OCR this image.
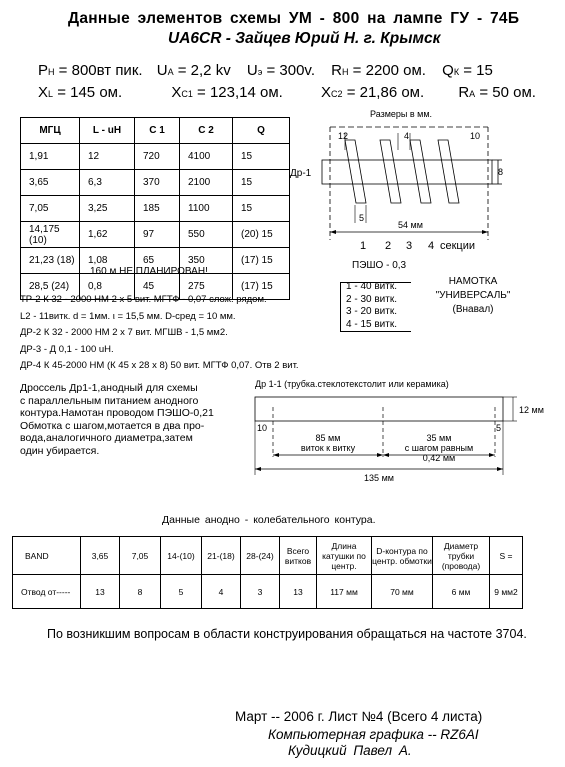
Данные элементов схемы УМ - 800 на лампе ГУ - 74Б
UA6CR - Зайцев Юрий Н. г. Крымск
РН = 800вт пик. UА = 2,2 kv Uэ = 300v. RН = 2200 ом. QК = 15
XL = 145 ом.	XC1 = 123,14 ом.	XC2 = 21,86 ом. RA = 50 ом.
МГЦ	L - uH	C 1	C 2	Q
1,91	12	720	4100	15
3,65	6,3	370	2100	15
7,05	3,25	185	1100	15
14,175 (10)	1,62	97	550	(20) 15
21,23 (18)	1,08	65	350	(17) 15
28,5 (24)	0,8	45	275	(17) 15
160 м НЕ ПЛАНИРОВАН!
Размеры в мм.
Др-1	8
12	4	10
5
54 мм
1 2 3 4 секции
ПЭШО - 0,3
1 - 40 витк.
2 - 30 витк.
3 - 20 витк.
4 - 15 витк.
НАМОТКА
"УНИВЕРСАЛЬ"
(Внавал)
ТР-2 К 32 - 2000 НМ 2 х 5 вит. МГТФ - 0,07 слож. рядом.
L2 - 11витк. d = 1мм. ι = 15,5 мм. D-сред = 10 мм.
ДР-2 К 32 - 2000 НМ 2 х 7 вит. МГШВ - 1,5 мм2.
ДР-3 - Д 0,1 - 100 uH.
ДР-4 К 45-2000 НМ (К 45 х 28 х 8) 50 вит. МГТФ 0,07. Отв 2 вит.
Дроссель Др1-1,анодный для схемы
с параллельным питанием анодного
контура.Намотан проводом ПЭШО-0,21
Обмотка с шагом,мотается в два про-
вода,аналогичного диаметра,затем
один убирается.
Др 1-1 (трубка.стеклотекстолит или керамика)
12 мм
10	5
85 мм
виток к витку
35 мм
с шагом равным
0,42 мм
135 мм
Данные анодно - колебательного контура.
BAND	3,65	7,05	14-(10)	21-(18)	28-(24)	Всего витков	Длина катушки по центр.	D-контура по центр. обмотки	Диаметр трубки (провода)	S =
Отвод от-----	13	8	5	4	3	13	117 мм	70 мм	6 мм	9 мм2
По возникшим вопросам в области конструирования обращаться на частоте 3704.
Март -- 2006 г. Лист №4 (Всего 4 листа)
Компьютерная графика -- RZ6AI
Кудицкий Павел А.
